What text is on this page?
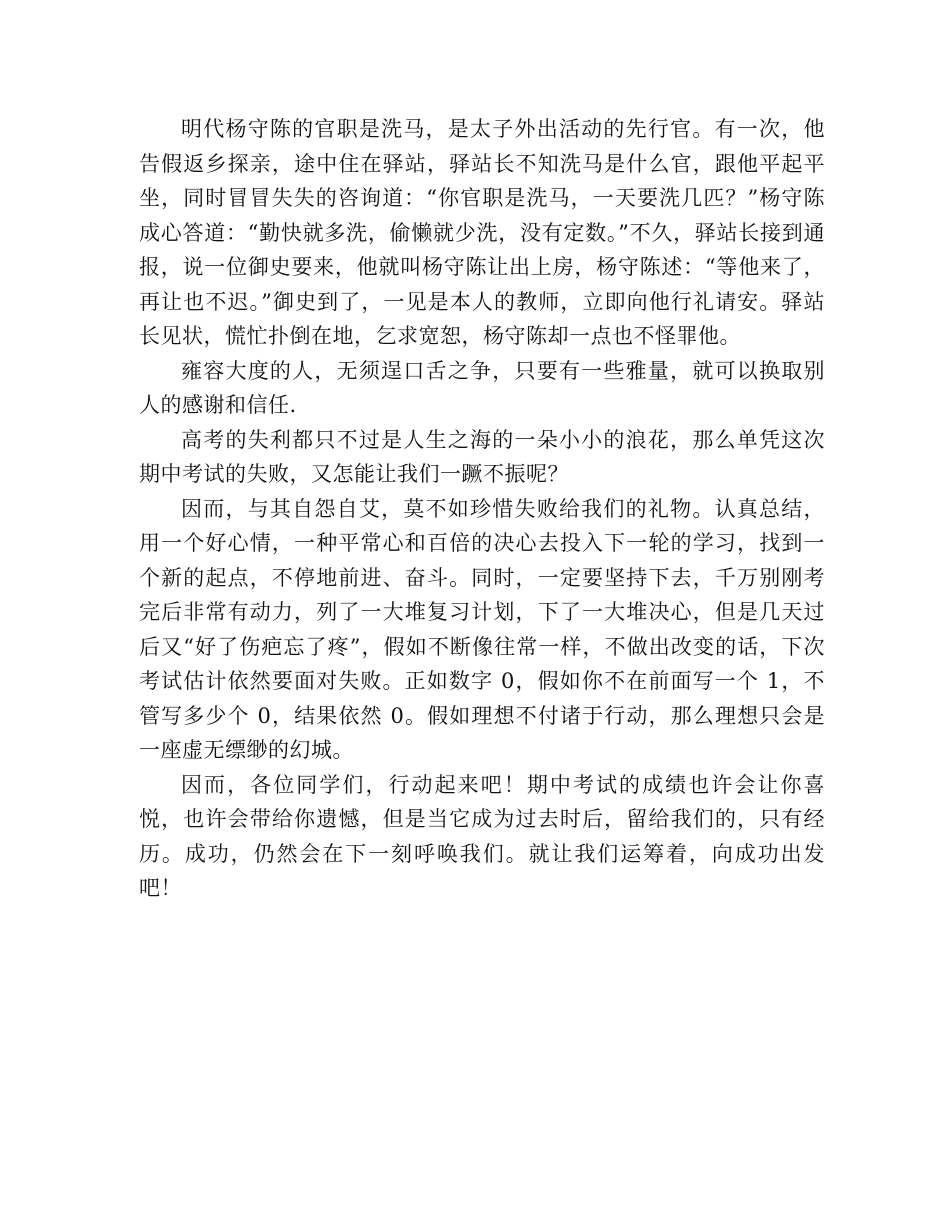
明代杨守陈的官职是洗马，是太子外出活动的先行官。有一次，他告假返乡探亲，途中住在驿站，驿站长不知洗马是什么官，跟他平起平坐，同时冒冒失失的咨询道：“你官职是洗马，一天要洗几匹？”杨守陈成心答道：“勤快就多洗，偷懒就少洗，没有定数。”不久，驿站长接到通报，说一位御史要来，他就叫杨守陈让出上房，杨守陈述：“等他来了，再让也不迟。”御史到了，一见是本人的教师，立即向他行礼请安。驿站长见状，慌忙扑倒在地，乞求宽恕，杨守陈却一点也不怪罪他。

雍容大度的人，无须逞口舌之争，只要有一些雅量，就可以换取别人的感谢和信任.

高考的失利都只不过是人生之海的一朵小小的浪花，那么单凭这次期中考试的失败，又怎能让我们一蹶不振呢？

因而，与其自怨自艾，莫不如珍惜失败给我们的礼物。认真总结，用一个好心情，一种平常心和百倍的决心去投入下一轮的学习，找到一个新的起点，不停地前进、奋斗。同时，一定要坚持下去，千万别刚考完后非常有动力，列了一大堆复习计划，下了一大堆决心，但是几天过后又“好了伤疤忘了疼”，假如不断像往常一样，不做出改变的话，下次考试估计依然要面对失败。正如数字 0，假如你不在前面写一个 1，不管写多少个 0，结果依然 0。假如理想不付诸于行动，那么理想只会是一座虚无缥缈的幻城。

因而，各位同学们，行动起来吧！期中考试的成绩也许会让你喜悦，也许会带给你遗憾，但是当它成为过去时后，留给我们的，只有经历。成功，仍然会在下一刻呼唤我们。就让我们运筹着，向成功出发吧！
